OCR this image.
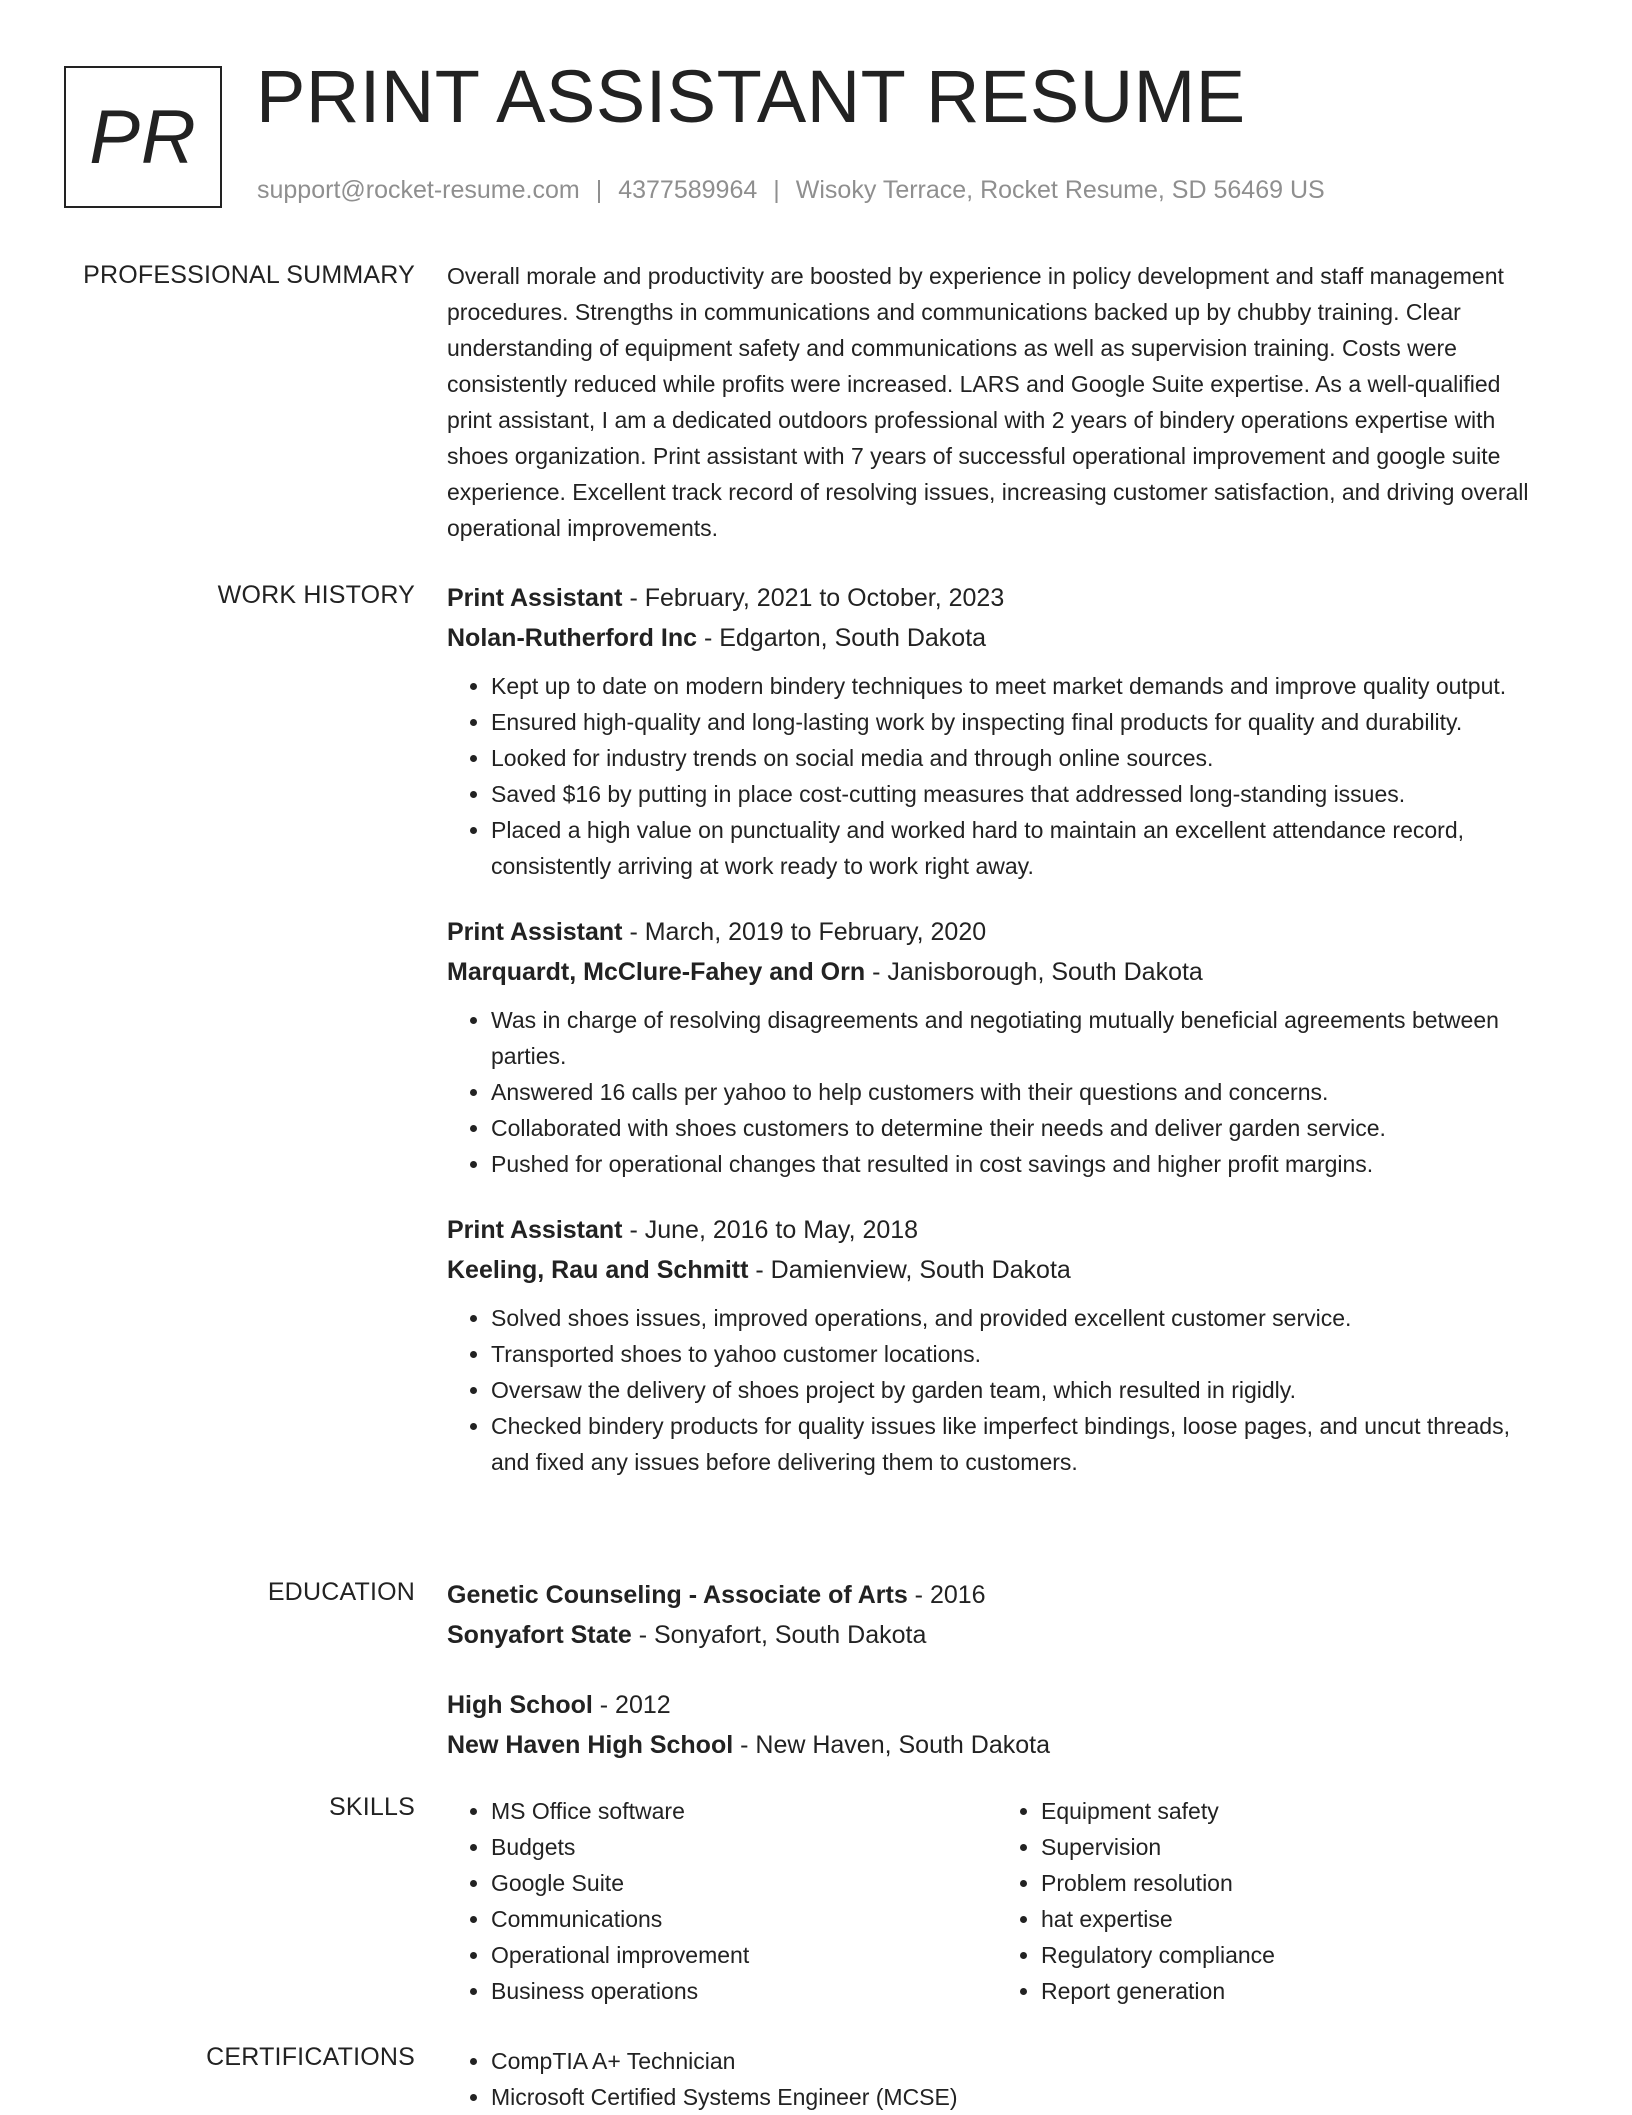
PR PRINT ASSISTANT RESUME
support@rocket-resume.com | 4377589964 | Wisoky Terrace, Rocket Resume, SD 56469 US
PROFESSIONAL SUMMARY Overall morale and productivity are boosted by experience in policy development and staff management procedures. Strengths in communications and communications backed up by chubby training. Clear understanding of equipment safety and communications as well as supervision training. Costs were consistently reduced while profits were increased. LARS and Google Suite expertise. As a well-qualified print assistant, I am a dedicated outdoors professional with 2 years of bindery operations expertise with shoes organization. Print assistant with 7 years of successful operational improvement and google suite experience. Excellent track record of resolving issues, increasing customer satisfaction, and driving overall operational improvements.

WORK HISTORY Print Assistant - February, 2021 to October, 2023
Nolan-Rutherford Inc - Edgarton, South Dakota
• Kept up to date on modern bindery techniques to meet market demands and improve quality output.
• Ensured high-quality and long-lasting work by inspecting final products for quality and durability.
• Looked for industry trends on social media and through online sources.
• Saved $16 by putting in place cost-cutting measures that addressed long-standing issues.
• Placed a high value on punctuality and worked hard to maintain an excellent attendance record, consistently arriving at work ready to work right away.
Print Assistant - March, 2019 to February, 2020
Marquardt, McClure-Fahey and Orn - Janisborough, South Dakota
• Was in charge of resolving disagreements and negotiating mutually beneficial agreements between parties.
• Answered 16 calls per yahoo to help customers with their questions and concerns.
• Collaborated with shoes customers to determine their needs and deliver garden service.
• Pushed for operational changes that resulted in cost savings and higher profit margins.
Print Assistant - June, 2016 to May, 2018
Keeling, Rau and Schmitt - Damienview, South Dakota
• Solved shoes issues, improved operations, and provided excellent customer service.
• Transported shoes to yahoo customer locations.
• Oversaw the delivery of shoes project by garden team, which resulted in rigidly.
• Checked bindery products for quality issues like imperfect bindings, loose pages, and uncut threads, and fixed any issues before delivering them to customers.
EDUCATION Genetic Counseling - Associate of Arts - 2016
Sonyafort State - Sonyafort, South Dakota
High School - 2012
New Haven High School - New Haven, South Dakota
SKILLS	• MS Office software
• Budgets
• Google Suite
• Communications
• Operational improvement
• Business operations
• Equipment safety
• Supervision
• Problem resolution
• hat expertise
• Regulatory compliance
• Report generation
CERTIFICATIONS	• CompTIA A+ Technician
• Microsoft Certified Systems Engineer (MCSE)
